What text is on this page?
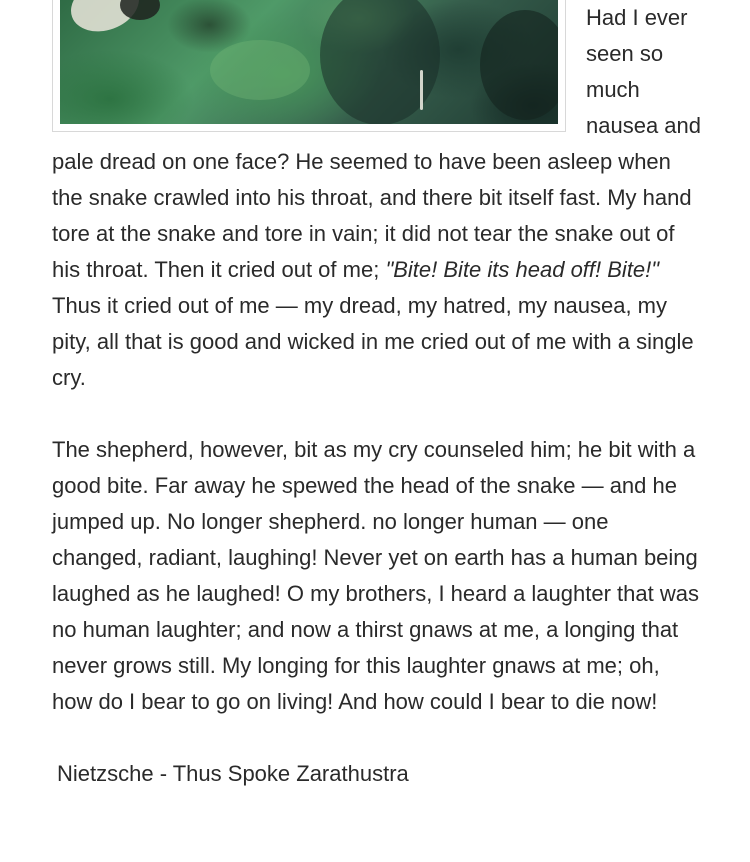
Had I ever seen so much nausea and pale dread on one face? He seemed to have been asleep when the snake crawled into his throat, and there bit itself fast. My hand tore at the snake and tore in vain; it did not tear the snake out of his throat. Then it cried out of me; "Bite! Bite its head off! Bite!" Thus it cried out of me — my dread, my hatred, my nausea, my pity, all that is good and wicked in me cried out of me with a single cry.

The shepherd, however, bit as my cry counseled him; he bit with a good bite. Far away he spewed the head of the snake — and he jumped up. No longer shepherd. no longer human — one changed, radiant, laughing! Never yet on earth has a human being laughed as he laughed! O my brothers, I heard a laughter that was no human laughter; and now a thirst gnaws at me, a longing that never grows still. My longing for this laughter gnaws at me; oh, how do I bear to go on living! And how could I bear to die now!

Nietzsche - Thus Spoke Zarathustra
